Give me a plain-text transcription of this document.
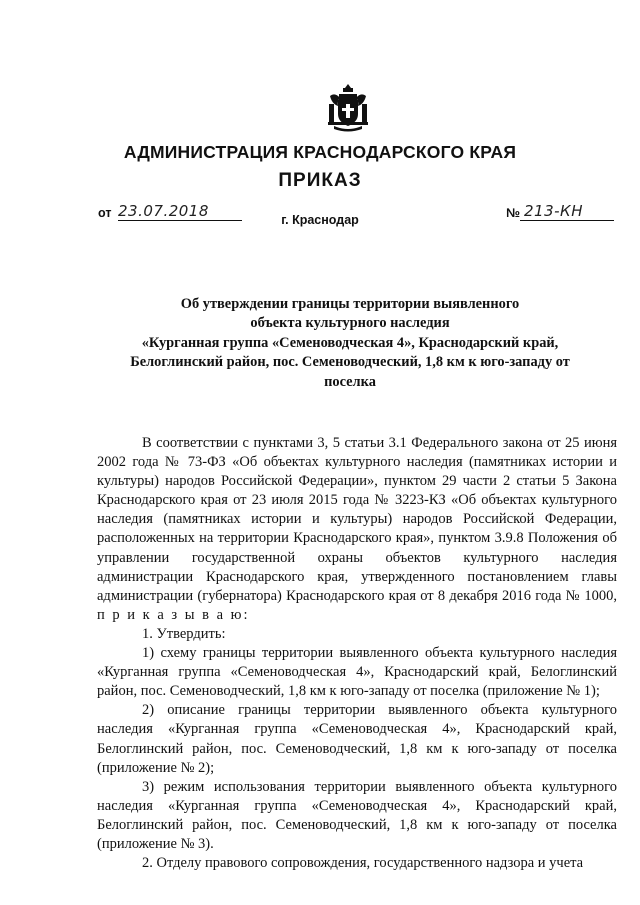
АДМИНИСТРАЦИЯ КРАСНОДАРСКОГО КРАЯ
ПРИКАЗ
от 23.07.2018	№ 213-КН
г. Краснодар
Об утверждении границы территории выявленного
объекта культурного наследия
«Курганная группа «Семеноводческая 4», Краснодарский край,
Белоглинский район, пос. Семеноводческий, 1,8 км к юго-западу от
поселка

В соответствии с пунктами 3, 5 статьи 3.1 Федерального закона от 25 июня 2002 года № 73-ФЗ «Об объектах культурного наследия (памятниках истории и культуры) народов Российской Федерации», пунктом 29 части 2 статьи 5 Закона Краснодарского края от 23 июля 2015 года № 3223-КЗ «Об объектах культурного наследия (памятниках истории и культуры) народов Российской Федерации, расположенных на территории Краснодарского края», пунктом 3.9.8 Положения об управлении государственной охраны объектов культурного наследия администрации Краснодарского края, утвержденного постановлением главы администрации (губернатора) Краснодарского края от 8 декабря 2016 года № 1000, п р и к а з ы в а ю:

1. Утвердить:

1) схему границы территории выявленного объекта культурного наследия «Курганная группа «Семеноводческая 4», Краснодарский край, Белоглинский район, пос. Семеноводческий, 1,8 км к юго-западу от поселка (приложение № 1);

2) описание границы территории выявленного объекта культурного наследия «Курганная группа «Семеноводческая 4», Краснодарский край, Белоглинский район, пос. Семеноводческий, 1,8 км к юго-западу от поселка (приложение № 2);

3) режим использования территории выявленного объекта культурного наследия «Курганная группа «Семеноводческая 4», Краснодарский край, Белоглинский район, пос. Семеноводческий, 1,8 км к юго-западу от поселка (приложение № 3).

2. Отделу правового сопровождения, государственного надзора и учета
